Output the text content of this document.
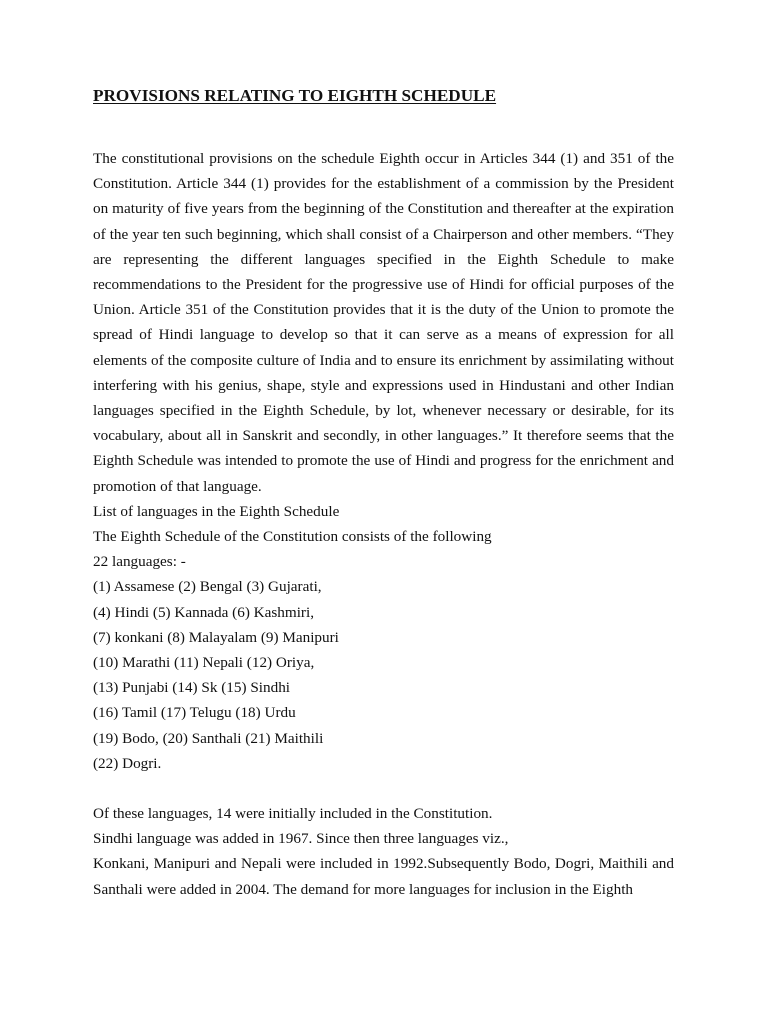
PROVISIONS RELATING TO EIGHTH SCHEDULE

The constitutional provisions on the schedule Eighth occur in Articles 344 (1) and 351 of the Constitution. Article 344 (1) provides for the establishment of a commission by the President on maturity of five years from the beginning of the Constitution and thereafter at the expiration of the year ten such beginning, which shall consist of a Chairperson and other members. “They are representing the different languages specified in the Eighth Schedule to make recommendations to the President for the progressive use of Hindi for official purposes of the Union. Article 351 of the Constitution provides that it is the duty of the Union to promote the spread of Hindi language to develop so that it can serve as a means of expression for all elements of the composite culture of India and to ensure its enrichment by assimilating without interfering with his genius, shape, style and expressions used in Hindustani and other Indian languages specified in the Eighth Schedule, by lot, whenever necessary or desirable, for its vocabulary, about all in Sanskrit and secondly, in other languages.” It therefore seems that the Eighth Schedule was intended to promote the use of Hindi and progress for the enrichment and promotion of that language.

List of languages in the Eighth Schedule
The Eighth Schedule of the Constitution consists of the following
22 languages: -
(1) Assamese (2) Bengal (3) Gujarati,
(4) Hindi (5) Kannada (6) Kashmiri,
(7) konkani (8) Malayalam (9) Manipuri
(10) Marathi (11) Nepali (12) Oriya,
(13) Punjabi (14) Sk (15) Sindhi
(16) Tamil (17) Telugu (18) Urdu
(19) Bodo, (20) Santhali (21) Maithili
(22) Dogri.
Of these languages, 14 were initially included in the Constitution.
Sindhi language was added in 1967. Since then three languages viz.,

Konkani, Manipuri and Nepali were included in 1992.Subsequently Bodo, Dogri, Maithili and Santhali were added in 2004. The demand for more languages for inclusion in the Eighth
